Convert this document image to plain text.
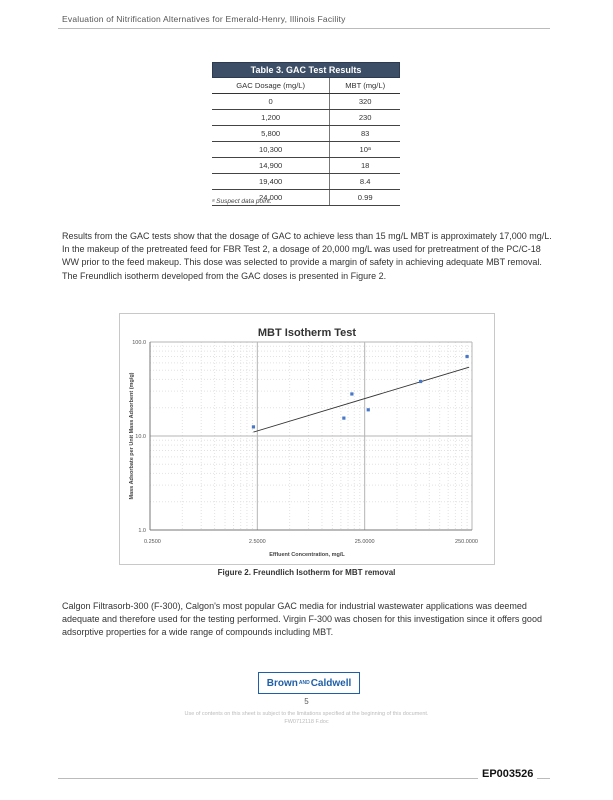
Evaluation of Nitrification Alternatives for Emerald-Henry, Illinois Facility
Table 3. GAC Test Results
GAC Dosage (mg/L)	MBT (mg/L)
0	320
1,200	230
5,800	83
10,300	10ᵃ
14,900	18
19,400	8.4
24,000	0.99
ᵃ Suspect data point.

Results from the GAC tests show that the dosage of GAC to achieve less than 15 mg/L MBT is approximately 17,000 mg/L. In the makeup of the pretreated feed for FBR Test 2, a dosage of 20,000 mg/L was used for pretreatment of the PC/C-18 WW prior to the feed makeup. This dose was selected to provide a margin of safety in achieving adequate MBT removal. The Freundlich isotherm developed from the GAC doses is presented in Figure 2.

MBT Isotherm Test
100.0
10.0
1.0
0.2500	2.5000	25.0000	250.0000
Effluent Concentration, mg/L
Mass Adsorbate per Unit Mass Adsorbent (mg/g)
Figure 2. Freundlich Isotherm for MBT removal

Calgon Filtrasorb-300 (F-300), Calgon's most popular GAC media for industrial wastewater applications was deemed adequate and therefore used for the testing performed. Virgin F-300 was chosen for this investigation since it offers good adsorptive properties for a wide range of compounds including MBT.

Brown AND Caldwell
5
Use of contents on this sheet is subject to the limitations specified at the beginning of this document.
FW0712118 F.doc
EP003526
